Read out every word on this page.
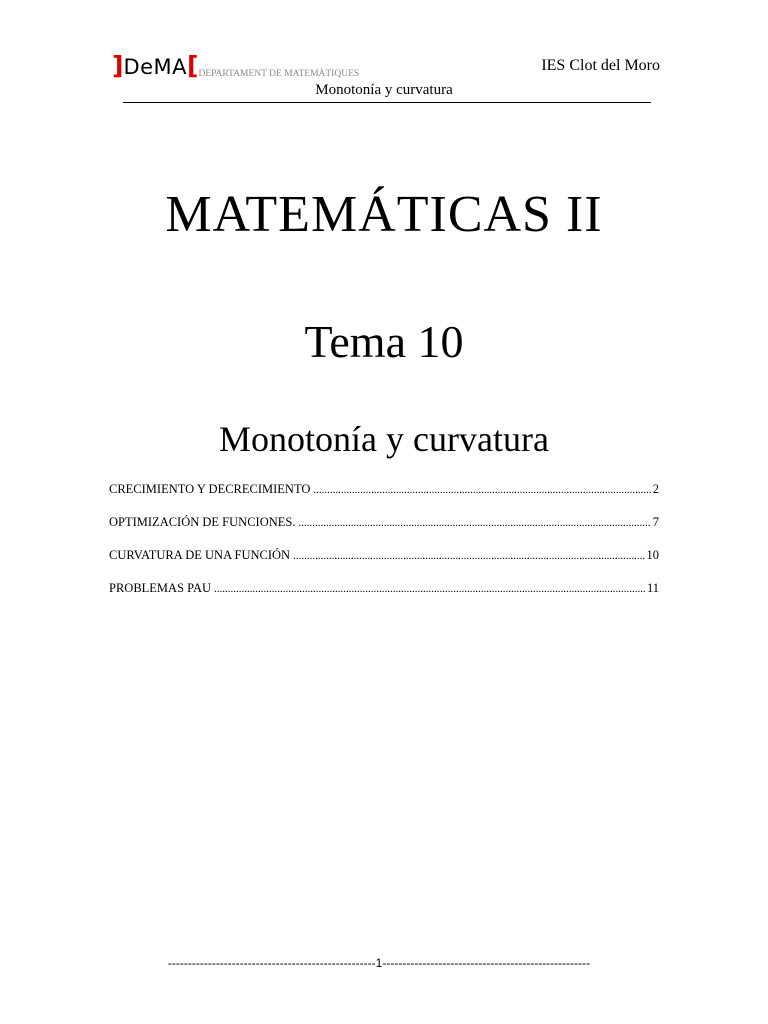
]DeMA[DEPARTAMENT DE MATEMÀTIQUES	IES Clot del Moro
Monotonía y curvatura
MATEMÁTICAS II
Tema 10
Monotonía y curvatura
CRECIMIENTO Y DECRECIMIENTO .....	2
OPTIMIZACIÓN DE FUNCIONES. .....	7
CURVATURA DE UNA FUNCIÓN .....	10
PROBLEMAS PAU .....	11
----------------------------------------------------1----------------------------------------------------
